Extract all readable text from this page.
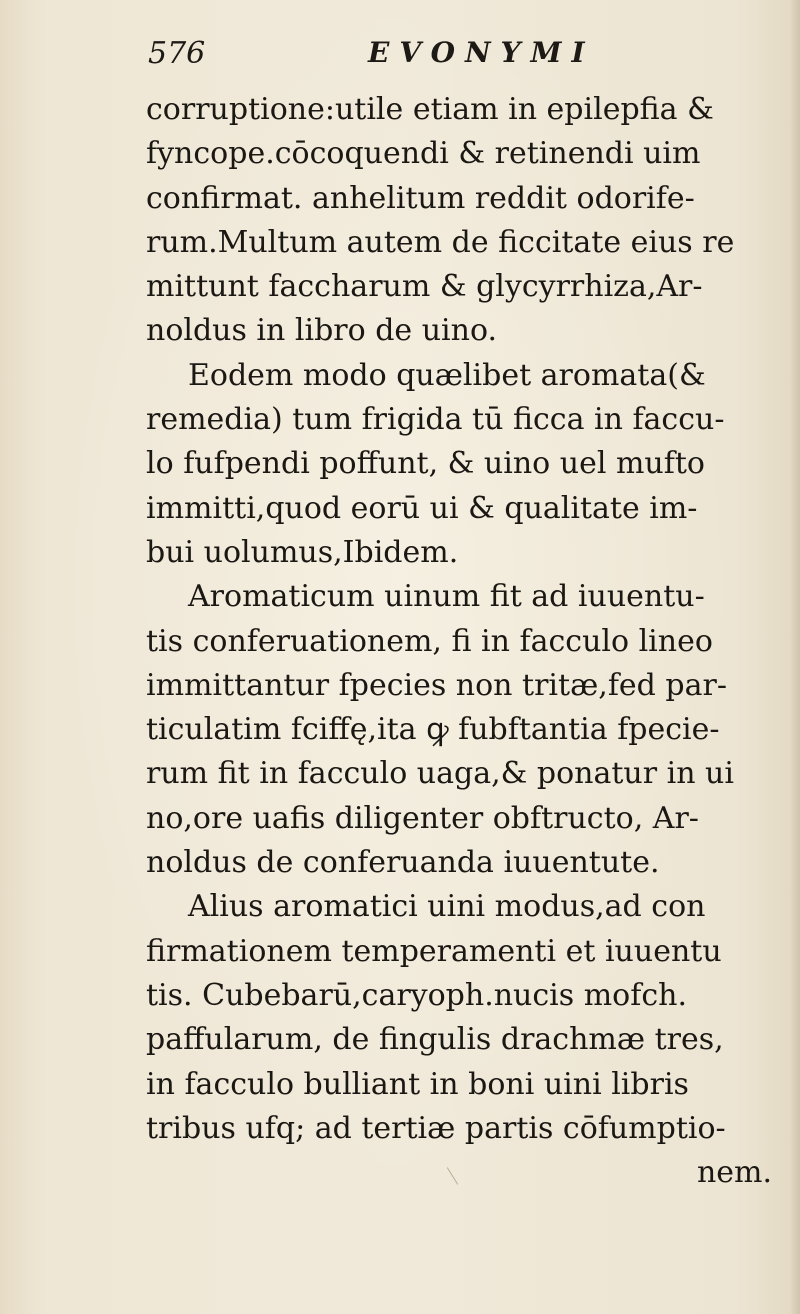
576	EVONYMI
corruptione:utile etiam in epilepfia &
fyncope.cōcoquendi & retinendi uim
confirmat. anhelitum reddit odorife-
rum.Multum autem de ficcitate eius re
mittunt faccharum & glycyrrhiza,Ar-
noldus in libro de uino.
Eodem modo quælibet aromata(&
remedia) tum frigida tū ficca in faccu-
lo fufpendi poffunt, & uino uel mufto
immitti,quod eorū ui & qualitate im-
bui uolumus,Ibidem.
Aromaticum uinum fit ad iuuentu-
tis conferuationem, fi in facculo lineo
immittantur fpecies non tritæ,fed par-
ticulatim fciffę,ita ꝙ fubftantia fpecie-
rum fit in facculo uaga,& ponatur in ui
no,ore uafis diligenter obftructo, Ar-
noldus de conferuanda iuuentute.
Alius aromatici uini modus,ad con
firmationem temperamenti et iuuentu
tis. Cubebarū,caryoph.nucis mofch.
paffularum, de fingulis drachmæ tres,
in facculo bulliant in boni uini libris
tribus ufq; ad tertiæ partis cōfumptio-
nem.
